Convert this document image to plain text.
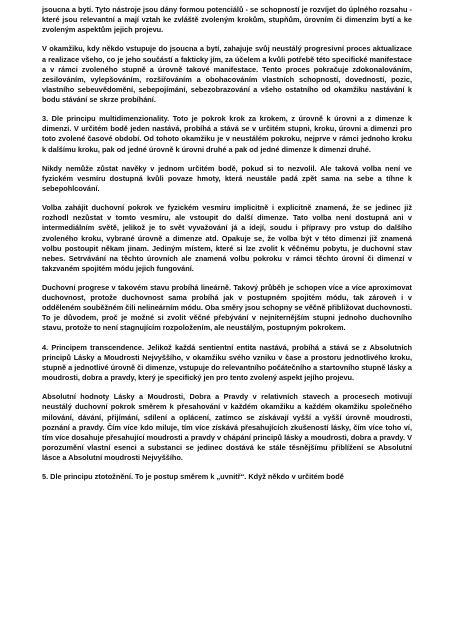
jsoucna a bytí. Tyto nástroje jsou dány formou potenciálů - se schopností je rozvíjet do úplného rozsahu - které jsou relevantní a mají vztah ke zvláště zvoleným krokům, stupňům, úrovním či dimenzím bytí a ke zvoleným aspektům jejich projevu.

V okamžiku, kdy někdo vstupuje do jsoucna a bytí, zahajuje svůj neustálý progresivní proces aktualizace a realizace všeho, co je jeho součástí a fakticky jím, za účelem a kvůli potřebě této specifické manifestace a v rámci zvoleného stupně a úrovně takové manifestace. Tento proces pokračuje zdokonalováním, zesilováním, vylepšováním, rozšiřováním a obohacováním vlastních schopností, dovedností, pozic, vlastního sebeuvědomění, sebepojímání, sebezobrazování a všeho ostatního od okamžiku nastávání k bodu stávání se skrze probíhání.

3. Dle principu multidimenzionality. Toto je pokrok krok za krokem, z úrovně k úrovni a z dimenze k dimenzi. V určitém bodě jeden nastává, probíhá a stává se v určitém stupni, kroku, úrovni a dimenzi pro toto zvolené časové období. Od tohoto okamžiku je v neustálém pokroku, nejprve v rámci jednoho kroku k dalšímu kroku, pak od jedné úrovně k úrovni druhé a pak od jedné dimenze k dimenzi druhé.

Nikdy nemůže zůstat navěky v jednom určitém bodě, pokud si to nezvolil. Ale taková volba není ve fyzickém vesmíru dostupná kvůli povaze hmoty, která neustále padá zpět sama na sebe a tíhne k sebepohlcování.

Volba zahájit duchovní pokrok ve fyzickém vesmíru implicitně i explicitně znamená, že se jedinec již rozhodl nezůstat v tomto vesmíru, ale vstoupit do další dimenze. Tato volba není dostupná ani v intermediálním světě, jelikož je to svět vyvažování já a idejí, soudu i přípravy pro vstup do dalšího zvoleného kroku, vybrané úrovně a dimenze atd. Opakuje se, že volba být v této dimenzi již znamená volbu postoupit někam jinam. Jediným místem, které si lze zvolit k věčnému pobytu, je duchovní stav nebes. Setrvávání na těchto úrovních ale znamená volbu pokroku v rámci těchto úrovní či dimenzí v takzvaném spojitém módu jejich fungování.

Duchovní progrese v takovém stavu probíhá lineárně. Takový průběh je schopen více a více aproximovat duchovnost, protože duchovnost sama probíhá jak v postupném spojitém módu, tak zároveň i v odděleném souběžném čili nelineárním módu. Oba směry jsou schopny se věčně přibližovat duchovnosti. To je důvodem, proč je možné si zvolit věčné přebývání v nejniternějším stupni jednoho duchovního stavu, protože to není stagnujícím rozpoložením, ale neustálým, postupným pokrokem.

4. Principem transcendence. Jelikož každá sentientní entita nastává, probíhá a stává se z Absolutních principů Lásky a Moudrosti Nejvyššího, v okamžiku svého vzniku v čase a prostoru jednotlivého kroku, stupně a jednotlivé úrovně či dimenze, vstupuje do relevantního počátečního a startovního stupně lásky a moudrosti, dobra a pravdy, který je specifický jen pro tento zvolený aspekt jejího projevu.

Absolutní hodnoty Lásky a Moudrosti, Dobra a Pravdy v relativních stavech a procesech motivují neustálý duchovní pokrok směrem k přesahování v každém okamžiku a každém okamžiku společného milování, dávání, přijímání, sdílení a oplácení, zatímco se získávají vyšší a vyšší úrovně moudrosti, poznání a pravdy. Čím více kdo miluje, tím více získává přesahujících zkušeností lásky, čím více toho ví, tím více dosahuje přesahující moudrosti a pravdy v chápání principů lásky a moudrosti, dobra a pravdy. V porozumění vlastní esenci a substanci se jedinec dostává ke stále těsnějšímu přiblížení se Absolutní lásce a Absolutní moudrosti Nejvyššího.

5. Dle principu ztotožnění. To je postup směrem k „uvnitř“. Když někdo v určitém bodě
